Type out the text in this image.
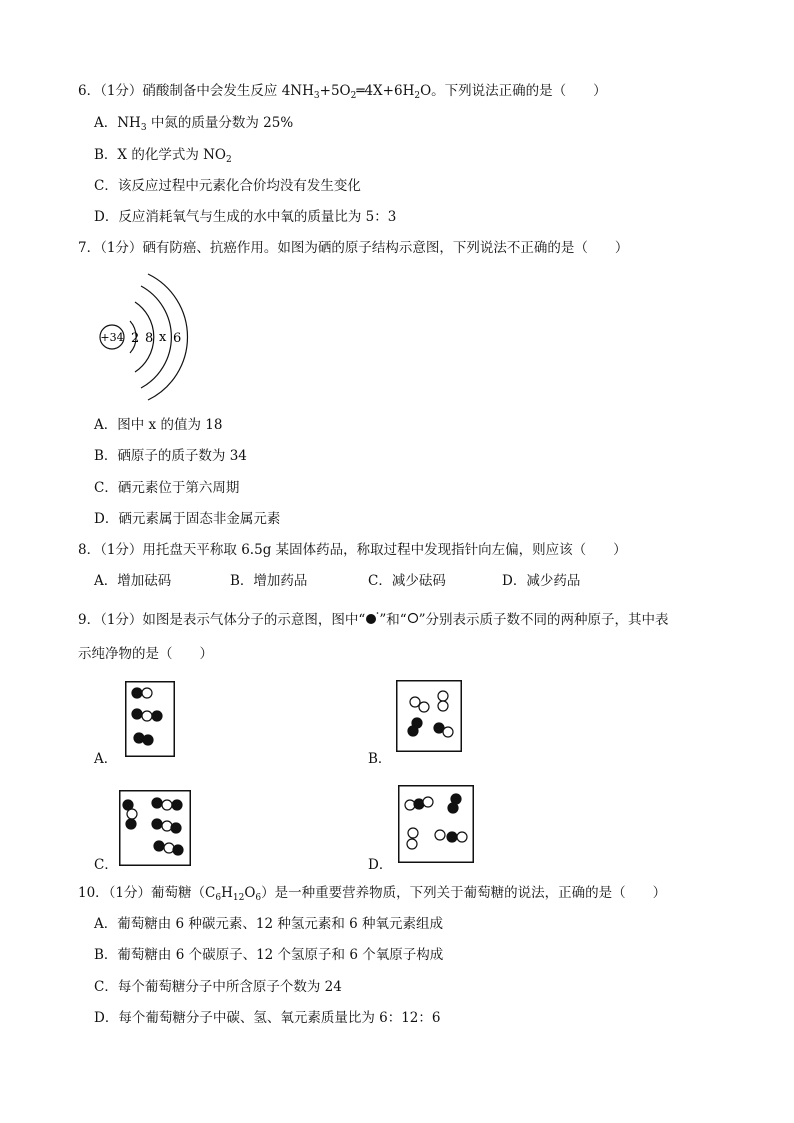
6．（1分）硝酸制备中会发生反应 $4NH_3+5O_2═4X+6H_2O$。下列说法正确的是（　　）
A．$NH_3$ 中氮的质量分数为 25%
B．X 的化学式为 $NO_2$
C．该反应过程中元素化合价均没有发生变化
D．反应消耗氧气与生成的水中氧的质量比为 5：3
7．（1分）硒有防癌、抗癌作用。如图为硒的原子结构示意图，下列说法不正确的是（　　）
+34 2 8 x 6
A．图中 x 的值为 18
B．硒原子的质子数为 34
C．硒元素位于第六周期
D．硒元素属于固态非金属元素
8．（1分）用托盘天平称取 6.5g 某固体药品，称取过程中发现指针向左偏，则应该（　　）
A．增加砝码	B．增加药品	C．减少砝码	D．减少药品
9．（1分）如图是表示气体分子的示意图，图中“ ”和“ ”分别表示质子数不同的两种原子，其中表
示纯净物的是（　　）
A．	B．
C．	D．
10．（1分）葡萄糖$(C_6H_{12}O_6)$是一种重要营养物质，下列关于葡萄糖的说法，正确的是（　　）
A．葡萄糖由 6 种碳元素、12 种氢元素和 6 种氧元素组成
B．葡萄糖由 6 个碳原子、12 个氢原子和 6 个氧原子构成
C．每个葡萄糖分子中所含原子个数为 24
D．每个葡萄糖分子中碳、氢、氧元素质量比为 6：12：6
